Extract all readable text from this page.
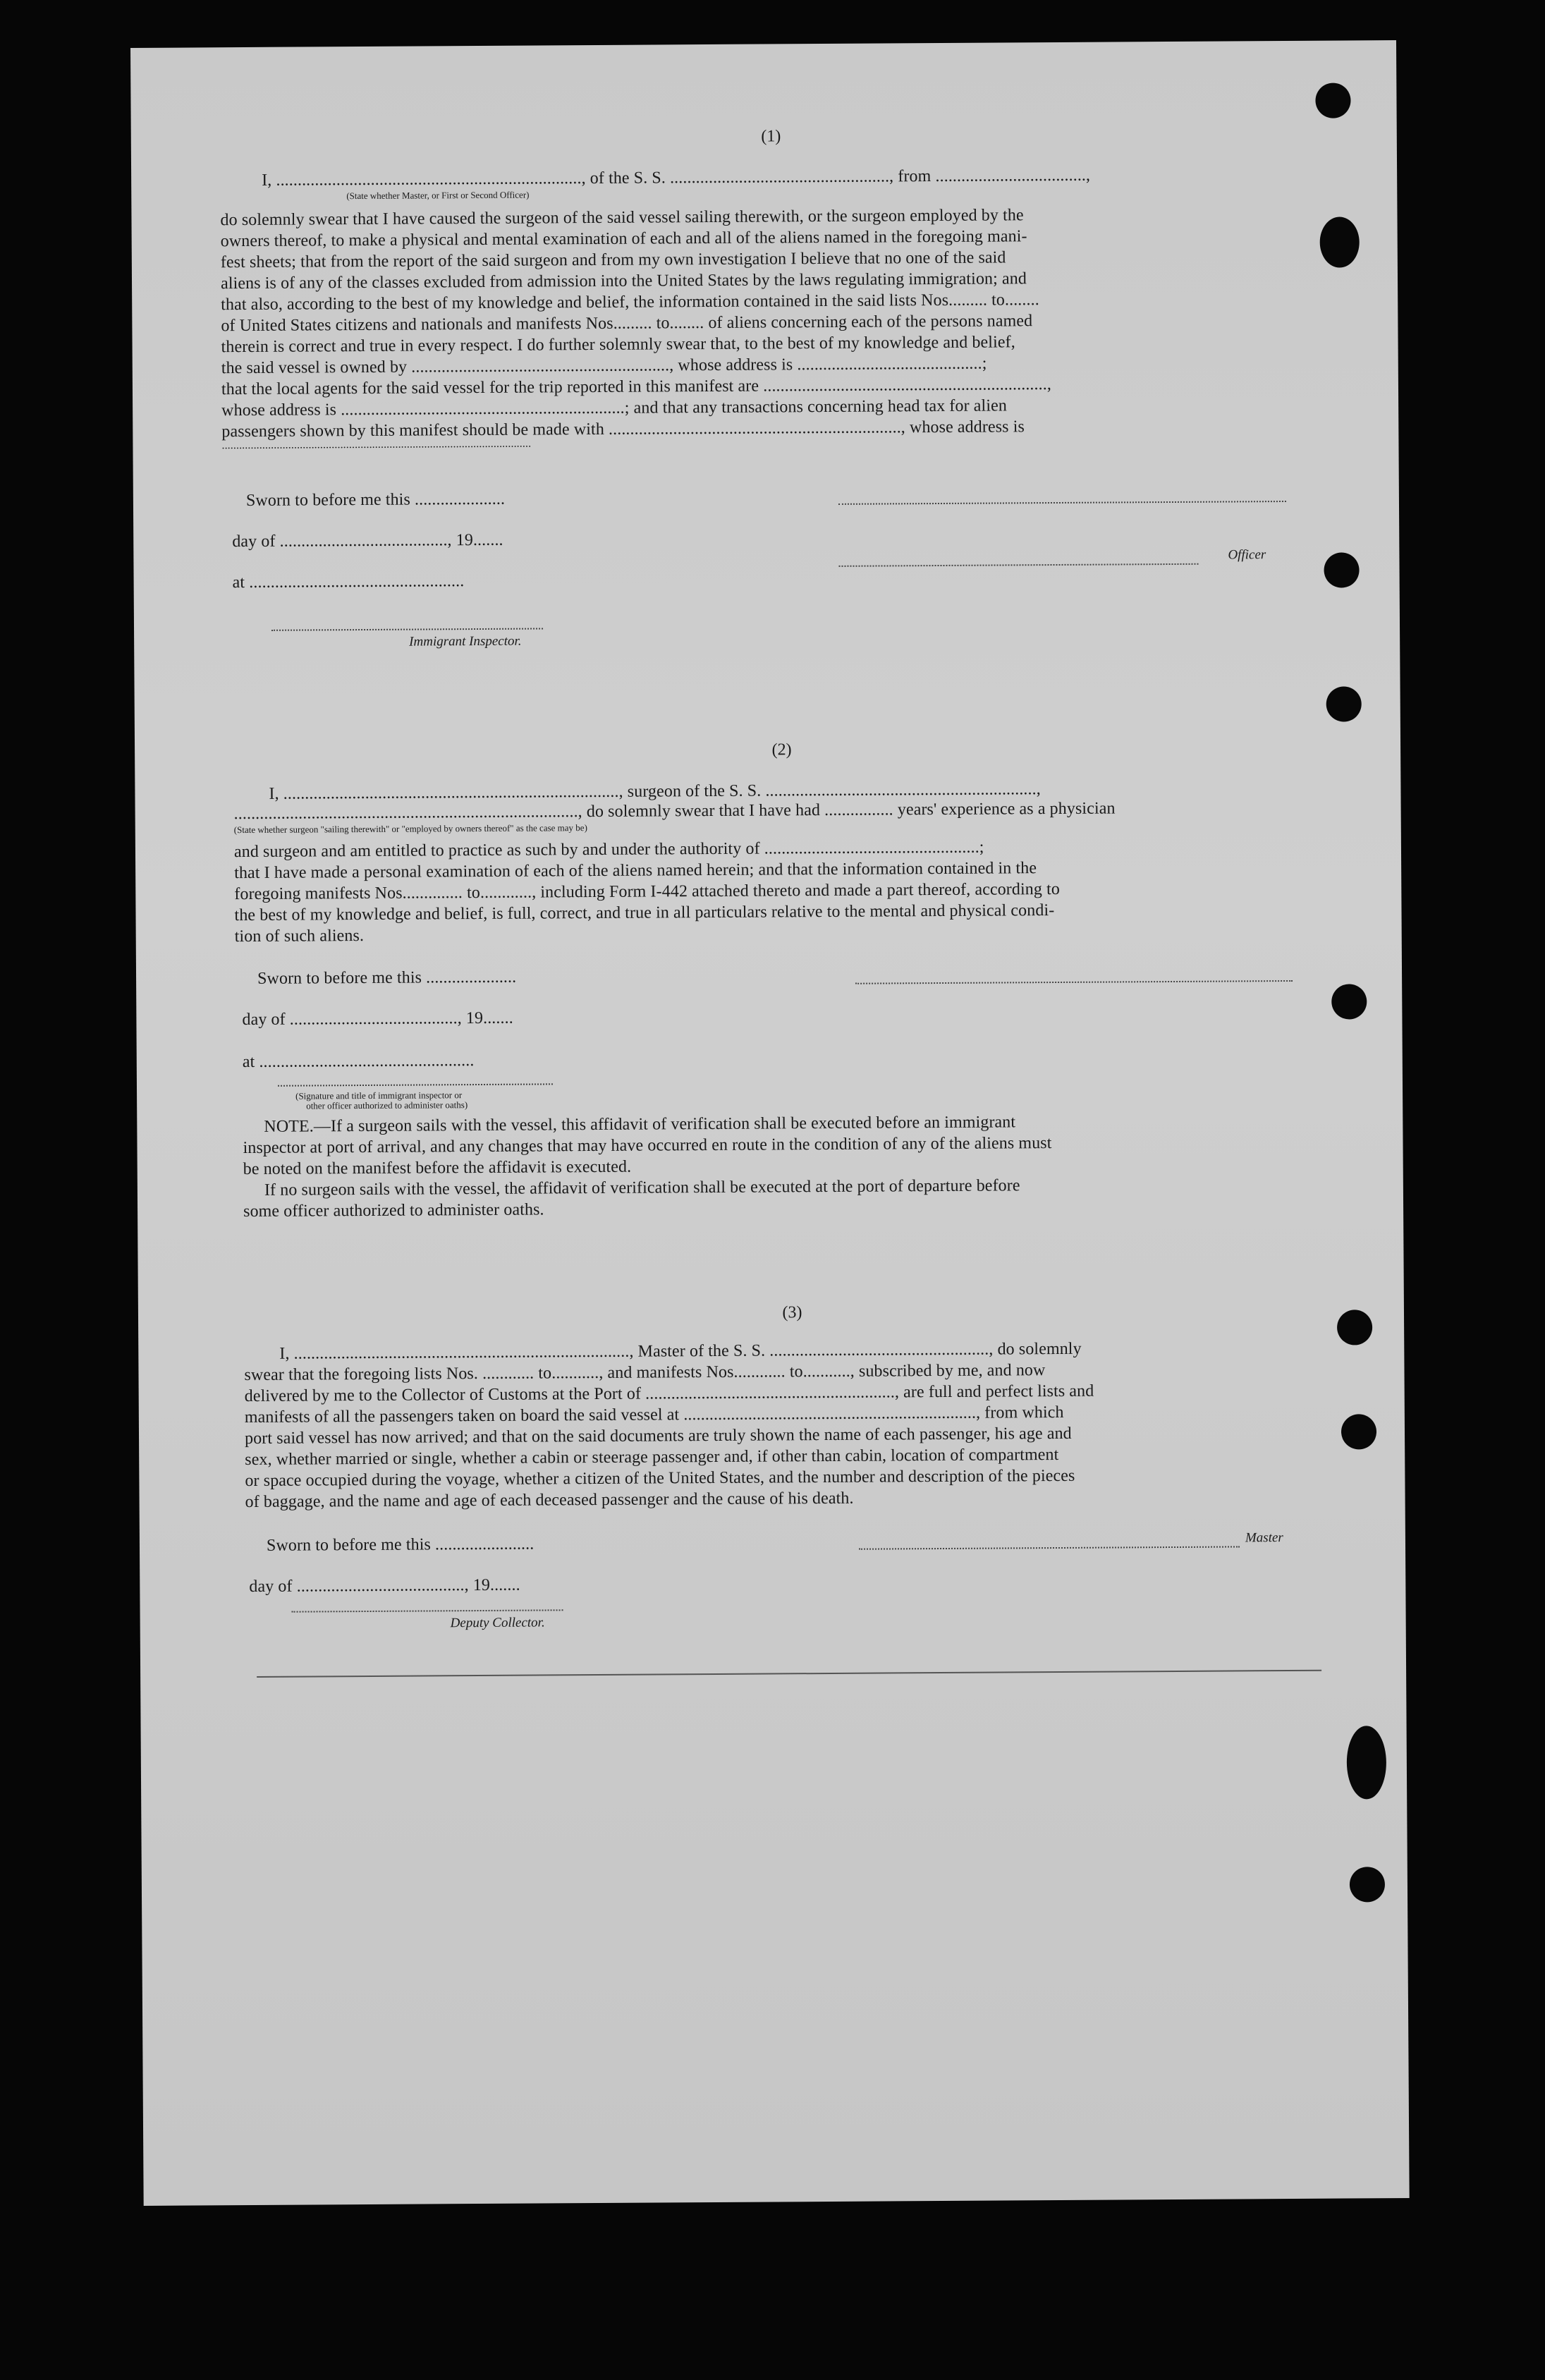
(1)
I, ......................................................................., of the S. S. ..................................................., from ...................................,
(State whether Master, or First or Second Officer)
do solemnly swear that I have caused the surgeon of the said vessel sailing therewith, or the surgeon employed by the
owners thereof, to make a physical and mental examination of each and all of the aliens named in the foregoing mani-
fest sheets; that from the report of the said surgeon and from my own investigation I believe that no one of the said
aliens is of any of the classes excluded from admission into the United States by the laws regulating immigration; and
that also, according to the best of my knowledge and belief, the information contained in the said lists Nos......... to........
of United States citizens and nationals and manifests Nos......... to........ of aliens concerning each of the persons named
therein is correct and true in every respect. I do further solemnly swear that, to the best of my knowledge and belief,
the said vessel is owned by ............................................................, whose address is ...........................................;
that the local agents for the said vessel for the trip reported in this manifest are ..................................................................,
whose address is ..................................................................; and that any transactions concerning head tax for alien
passengers shown by this manifest should be made with ...................................................................., whose address is
...........................................................................................................
Sworn to before me this .....................
day of ......................................., 19.......
Officer
at ..................................................
Immigrant Inspector.
(2)
I, .............................................................................., surgeon of the S. S. ...............................................................,
................................................................................, do solemnly swear that I have had ................ years' experience as a physician
(State whether surgeon "sailing therewith" or "employed by owners thereof" as the case may be)
and surgeon and am entitled to practice as such by and under the authority of ..................................................;
that I have made a personal examination of each of the aliens named herein; and that the information contained in the
foregoing manifests Nos.............. to............, including Form I-442 attached thereto and made a part thereof, according to
the best of my knowledge and belief, is full, correct, and true in all particulars relative to the mental and physical condi-
tion of such aliens.
Sworn to before me this .....................
day of ......................................., 19.......
at ..................................................
(Signature and title of immigrant inspector or
other officer authorized to administer oaths)
NOTE.—If a surgeon sails with the vessel, this affidavit of verification shall be executed before an immigrant
inspector at port of arrival, and any changes that may have occurred en route in the condition of any of the aliens must
be noted on the manifest before the affidavit is executed.
If no surgeon sails with the vessel, the affidavit of verification shall be executed at the port of departure before
some officer authorized to administer oaths.
(3)
I, .............................................................................., Master of the S. S. ..................................................., do solemnly
swear that the foregoing lists Nos. ............ to..........., and manifests Nos............ to..........., subscribed by me, and now
delivered by me to the Collector of Customs at the Port of .........................................................., are full and perfect lists and
manifests of all the passengers taken on board the said vessel at ...................................................................., from which
port said vessel has now arrived; and that on the said documents are truly shown the name of each passenger, his age and
sex, whether married or single, whether a cabin or steerage passenger and, if other than cabin, location of compartment
or space occupied during the voyage, whether a citizen of the United States, and the number and description of the pieces
of baggage, and the name and age of each deceased passenger and the cause of his death.
Sworn to before me this .......................	Master
day of ......................................., 19.......
Deputy Collector.
